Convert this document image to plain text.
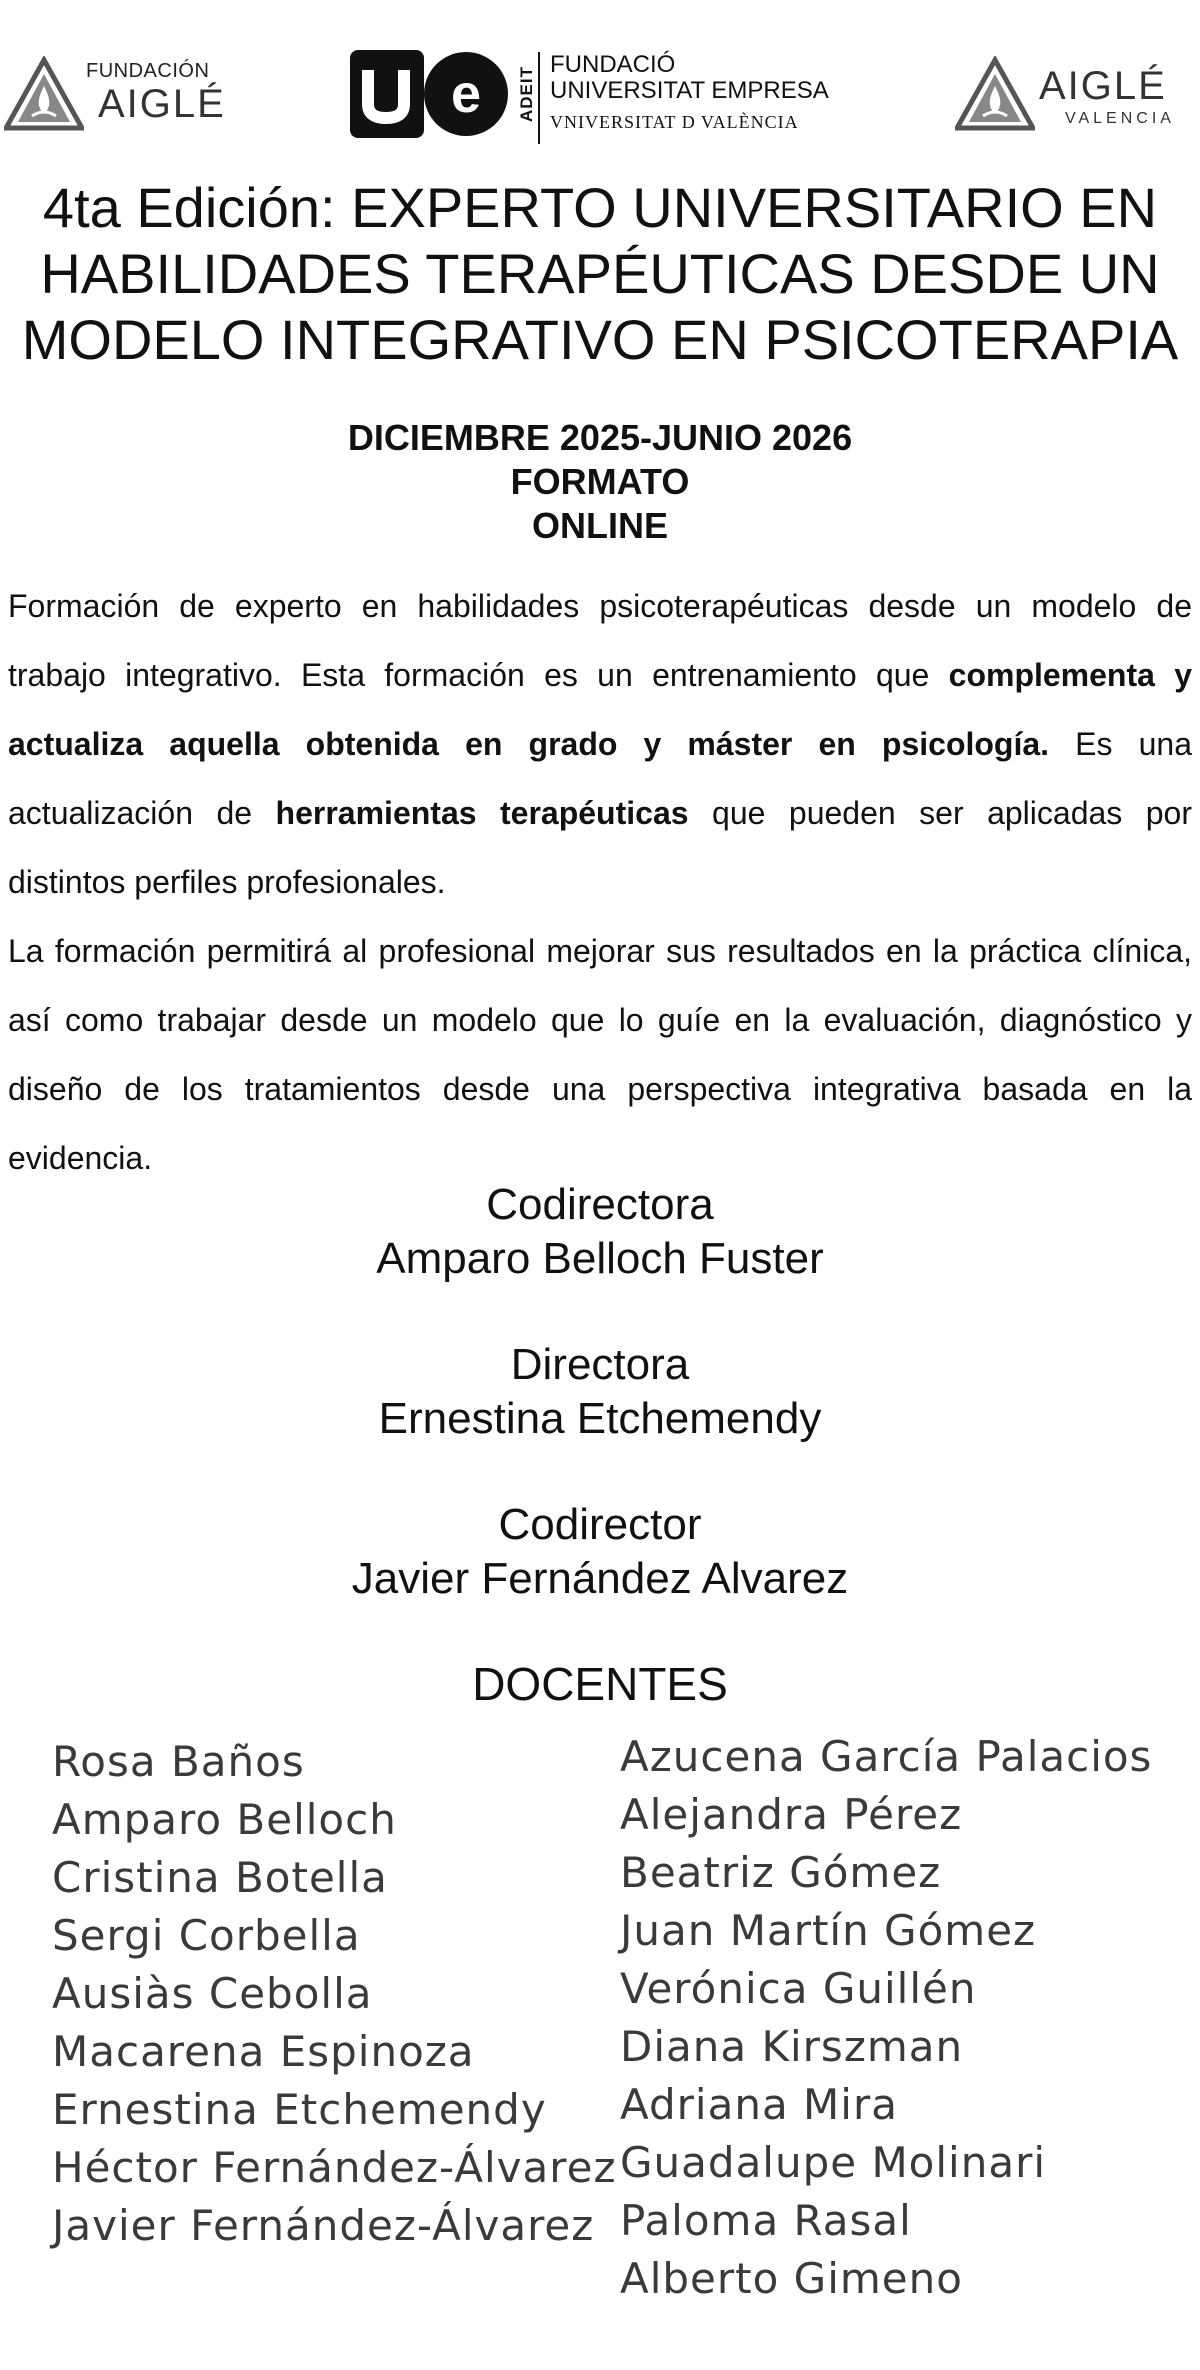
FUNDACIÓN
AIGLÉ	e ADEIT
FUNDACIÓ
UNIVERSITAT EMPRESA
VNIVERSITAT D VALÈNCIA
AIGLÉ
VALENCIA
4ta Edición: EXPERTO UNIVERSITARIO EN
HABILIDADES TERAPÉUTICAS DESDE UN
MODELO INTEGRATIVO EN PSICOTERAPIA
DICIEMBRE 2025-JUNIO 2026
FORMATO
ONLINE

Formación de experto en habilidades psicoterapéuticas desde un modelo de trabajo integrativo. Esta formación es un entrenamiento que complementa y actualiza aquella obtenida en grado y máster en psicología. Es una actualización de herramientas terapéuticas que pueden ser aplicadas por distintos perfiles profesionales.

La formación permitirá al profesional mejorar sus resultados en la práctica clínica, así como trabajar desde un modelo que lo guíe en la evaluación, diagnóstico y diseño de los tratamientos desde una perspectiva integrativa basada en la evidencia.

Codirectora
Amparo Belloch Fuster
Directora
Ernestina Etchemendy
Codirector
Javier Fernández Alvarez
DOCENTES
Rosa Baños
Amparo Belloch
Cristina Botella
Sergi Corbella
Ausiàs Cebolla
Macarena Espinoza
Ernestina Etchemendy
Héctor Fernández-Álvarez
Javier Fernández-Álvarez
Azucena García Palacios
Alejandra Pérez
Beatriz Gómez
Juan Martín Gómez
Verónica Guillén
Diana Kirszman
Adriana Mira
Guadalupe Molinari
Paloma Rasal
Alberto Gimeno
